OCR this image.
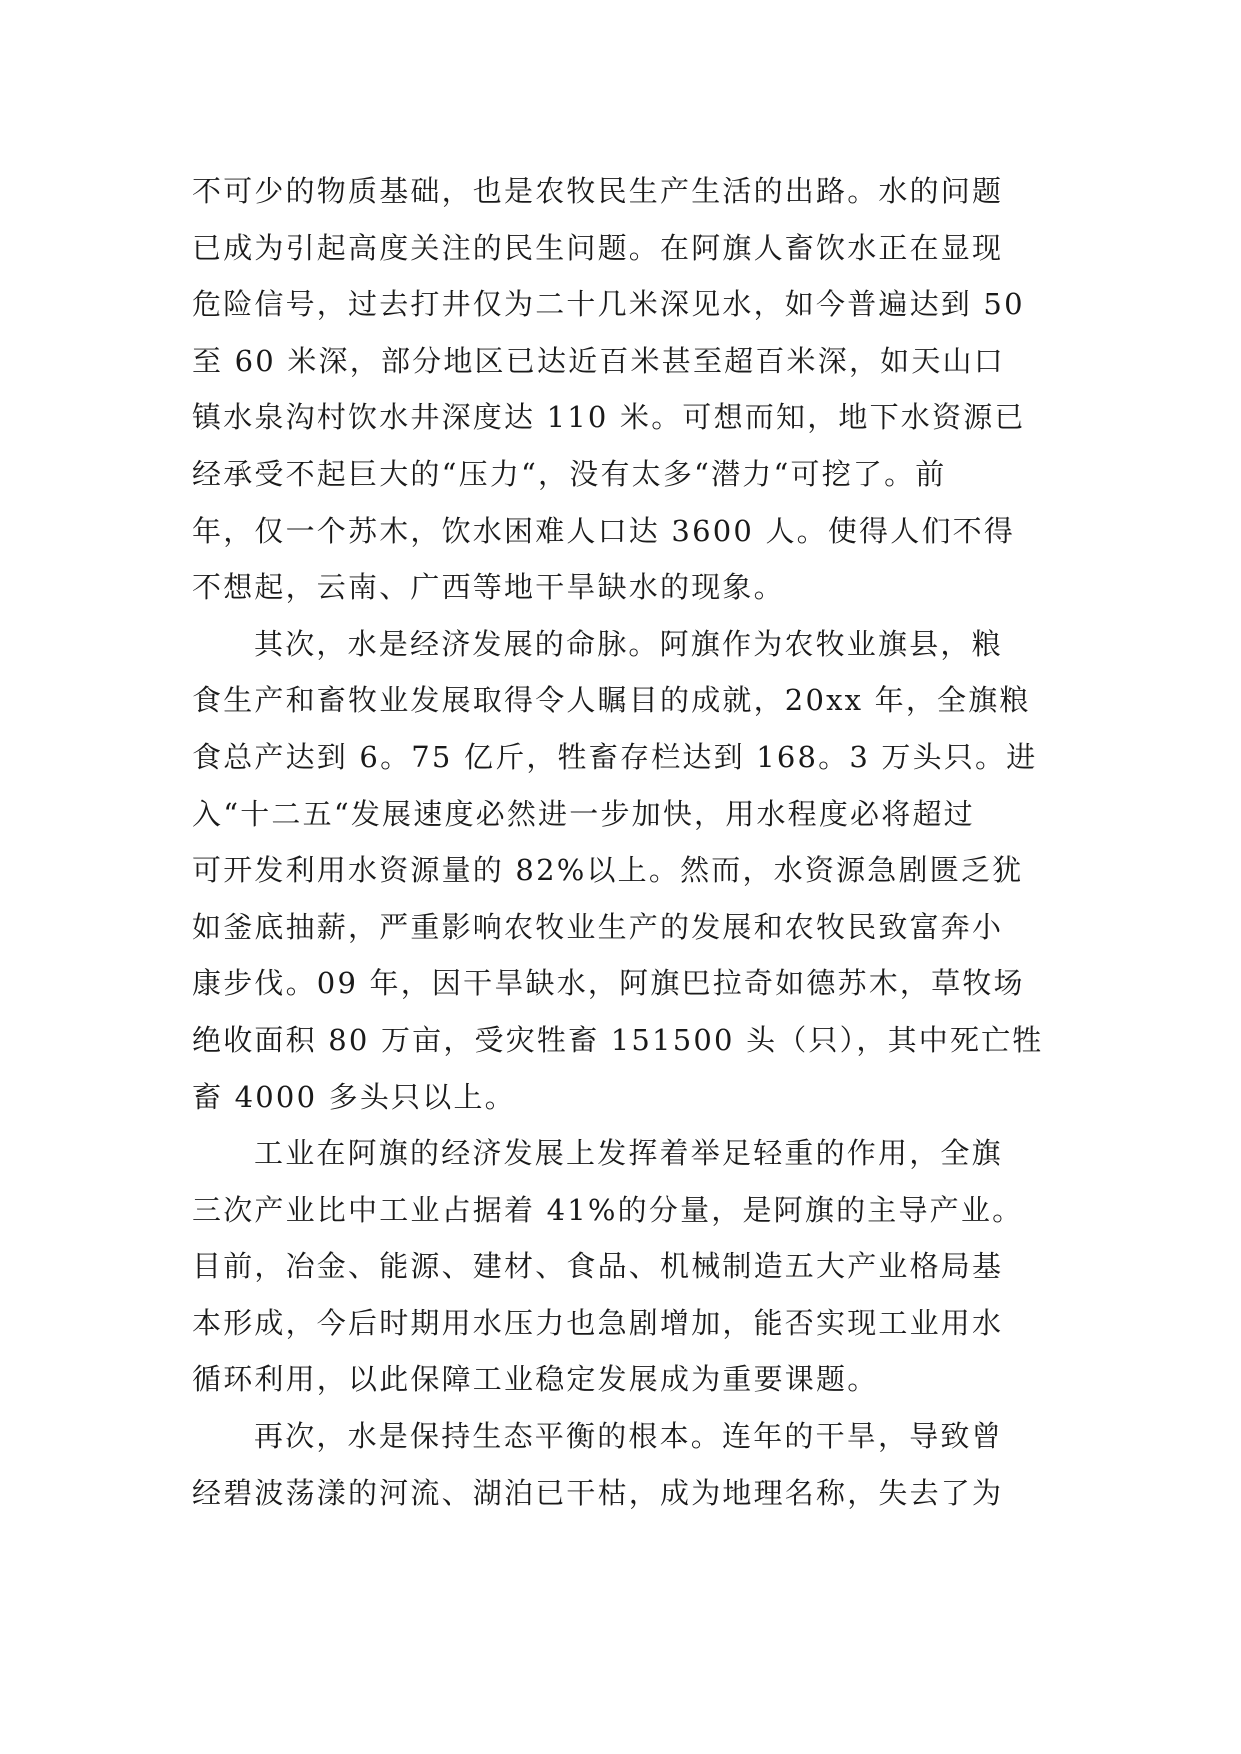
不可少的物质基础，也是农牧民生产生活的出路。水的问题
已成为引起高度关注的民生问题。在阿旗人畜饮水正在显现
危险信号，过去打井仅为二十几米深见水，如今普遍达到 50
至 60 米深，部分地区已达近百米甚至超百米深，如天山口
镇水泉沟村饮水井深度达 110 米。可想而知，地下水资源已
经承受不起巨大的“压力“，没有太多“潜力“可挖了。前
年，仅一个苏木，饮水困难人口达 3600 人。使得人们不得
不想起，云南、广西等地干旱缺水的现象。
其次，水是经济发展的命脉。阿旗作为农牧业旗县，粮
食生产和畜牧业发展取得令人瞩目的成就，20xx 年，全旗粮
食总产达到 6。75 亿斤，牲畜存栏达到 168。3 万头只。进
入“十二五“发展速度必然进一步加快，用水程度必将超过
可开发利用水资源量的 82%以上。然而，水资源急剧匮乏犹
如釜底抽薪，严重影响农牧业生产的发展和农牧民致富奔小
康步伐。09 年，因干旱缺水，阿旗巴拉奇如德苏木，草牧场
绝收面积 80 万亩，受灾牲畜 151500 头（只），其中死亡牲
畜 4000 多头只以上。
工业在阿旗的经济发展上发挥着举足轻重的作用，全旗
三次产业比中工业占据着 41%的分量，是阿旗的主导产业。
目前，冶金、能源、建材、食品、机械制造五大产业格局基
本形成，今后时期用水压力也急剧增加，能否实现工业用水
循环利用，以此保障工业稳定发展成为重要课题。
再次，水是保持生态平衡的根本。连年的干旱，导致曾
经碧波荡漾的河流、湖泊已干枯，成为地理名称，失去了为
